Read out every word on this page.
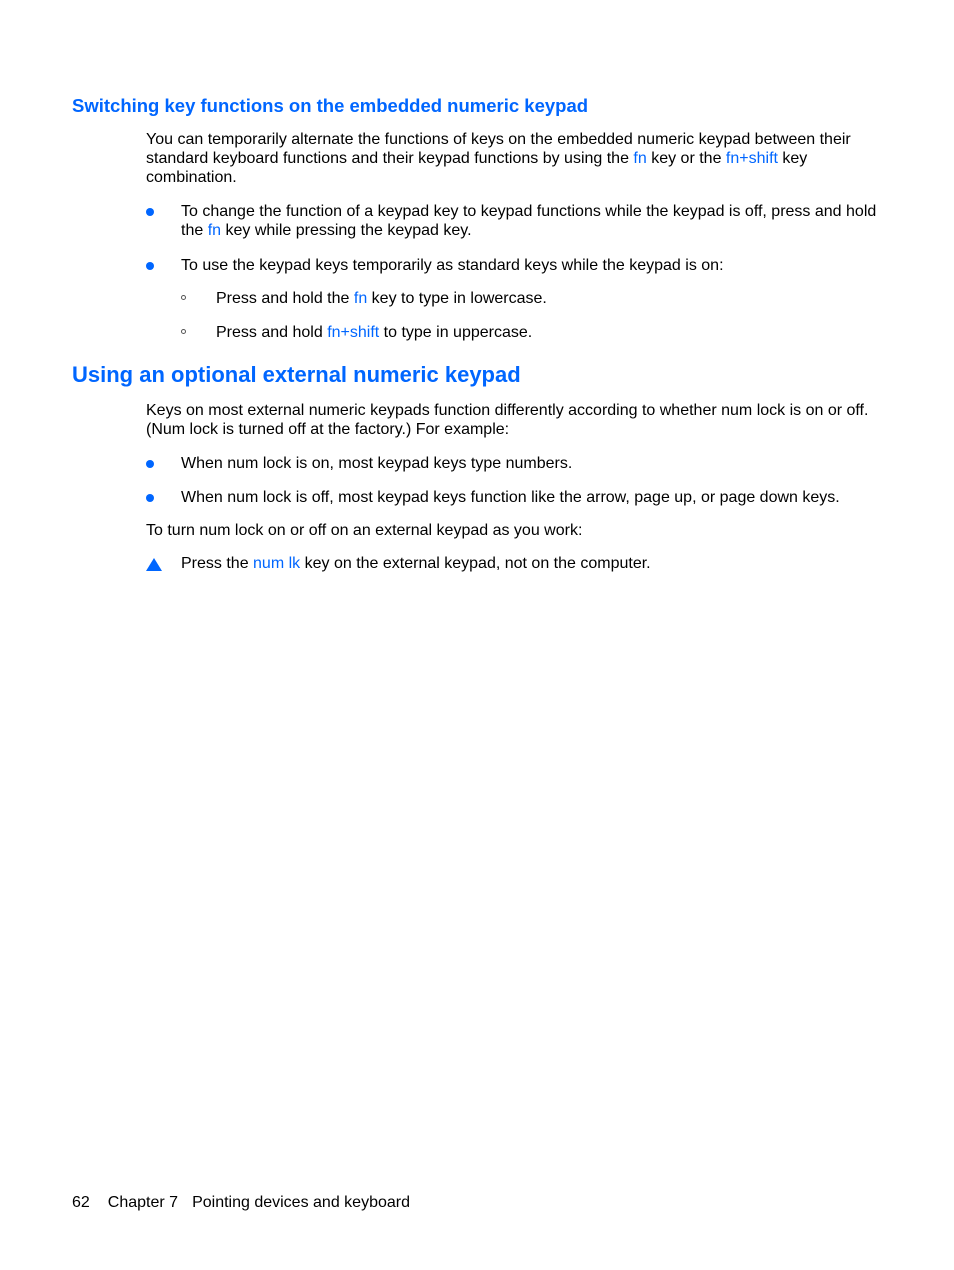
Switching key functions on the embedded numeric keypad

You can temporarily alternate the functions of keys on the embedded numeric keypad between their standard keyboard functions and their keypad functions by using the fn key or the fn+shift key combination.

To change the function of a keypad key to keypad functions while the keypad is off, press and hold the fn key while pressing the keypad key.

To use the keypad keys temporarily as standard keys while the keypad is on:

Press and hold the fn key to type in lowercase.

Press and hold fn+shift to type in uppercase.

Using an optional external numeric keypad

Keys on most external numeric keypads function differently according to whether num lock is on or off. (Num lock is turned off at the factory.) For example:

When num lock is on, most keypad keys type numbers.

When num lock is off, most keypad keys function like the arrow, page up, or page down keys.

To turn num lock on or off on an external keypad as you work:

Press the num lk key on the external keypad, not on the computer.

62 Chapter 7 Pointing devices and keyboard
